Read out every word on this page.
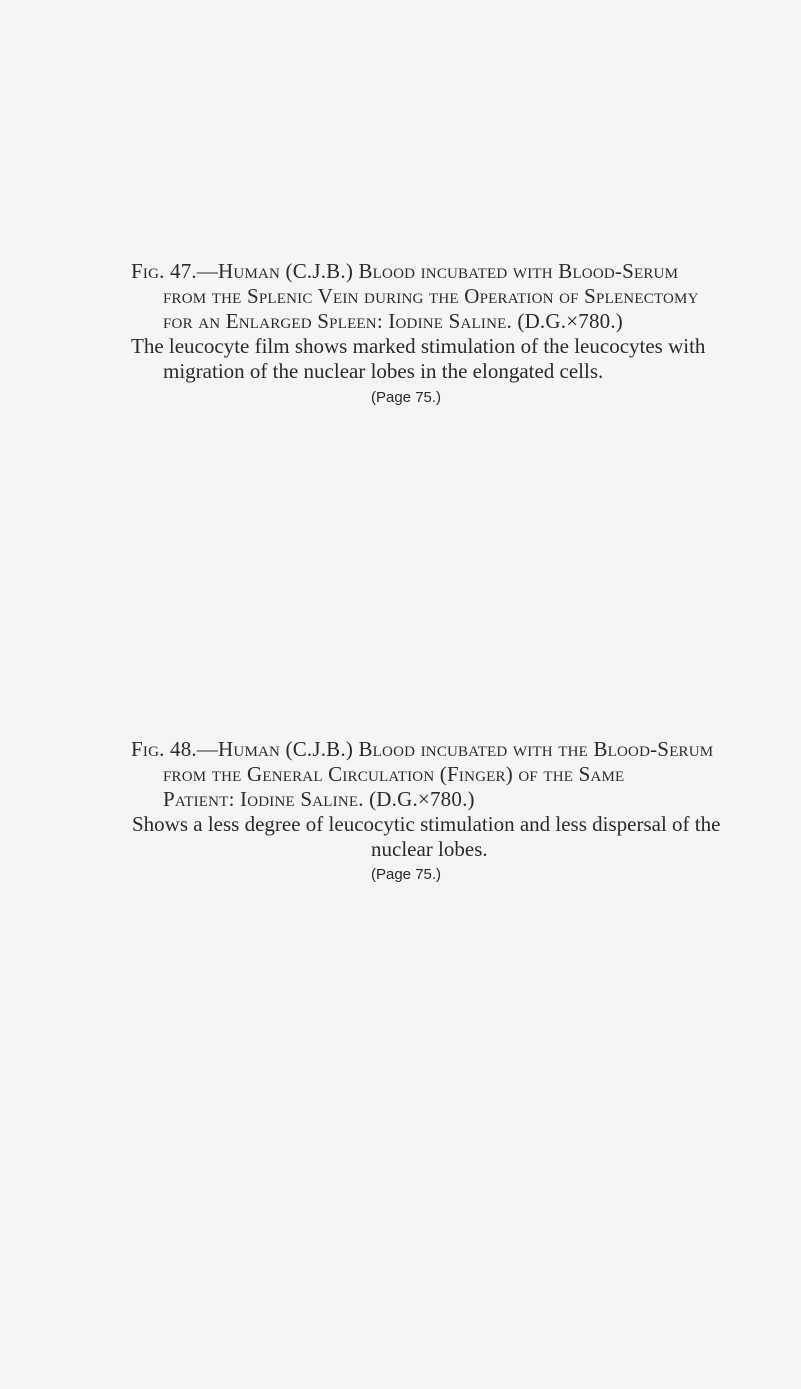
Fig. 47.—Human (C.J.B.) Blood incubated with Blood-Serum
from the Splenic Vein during the Operation of Splenectomy
for an Enlarged Spleen: Iodine Saline. (D.G.×780.)

The leucocyte film shows marked stimulation of the leucocytes with
migration of the nuclear lobes in the elongated cells.

(Page 75.)

Fig. 48.—Human (C.J.B.) Blood incubated with the Blood-Serum
from the General Circulation (Finger) of the Same
Patient: Iodine Saline. (D.G.×780.)

Shows a less degree of leucocytic stimulation and less dispersal of the
nuclear lobes.

(Page 75.)
